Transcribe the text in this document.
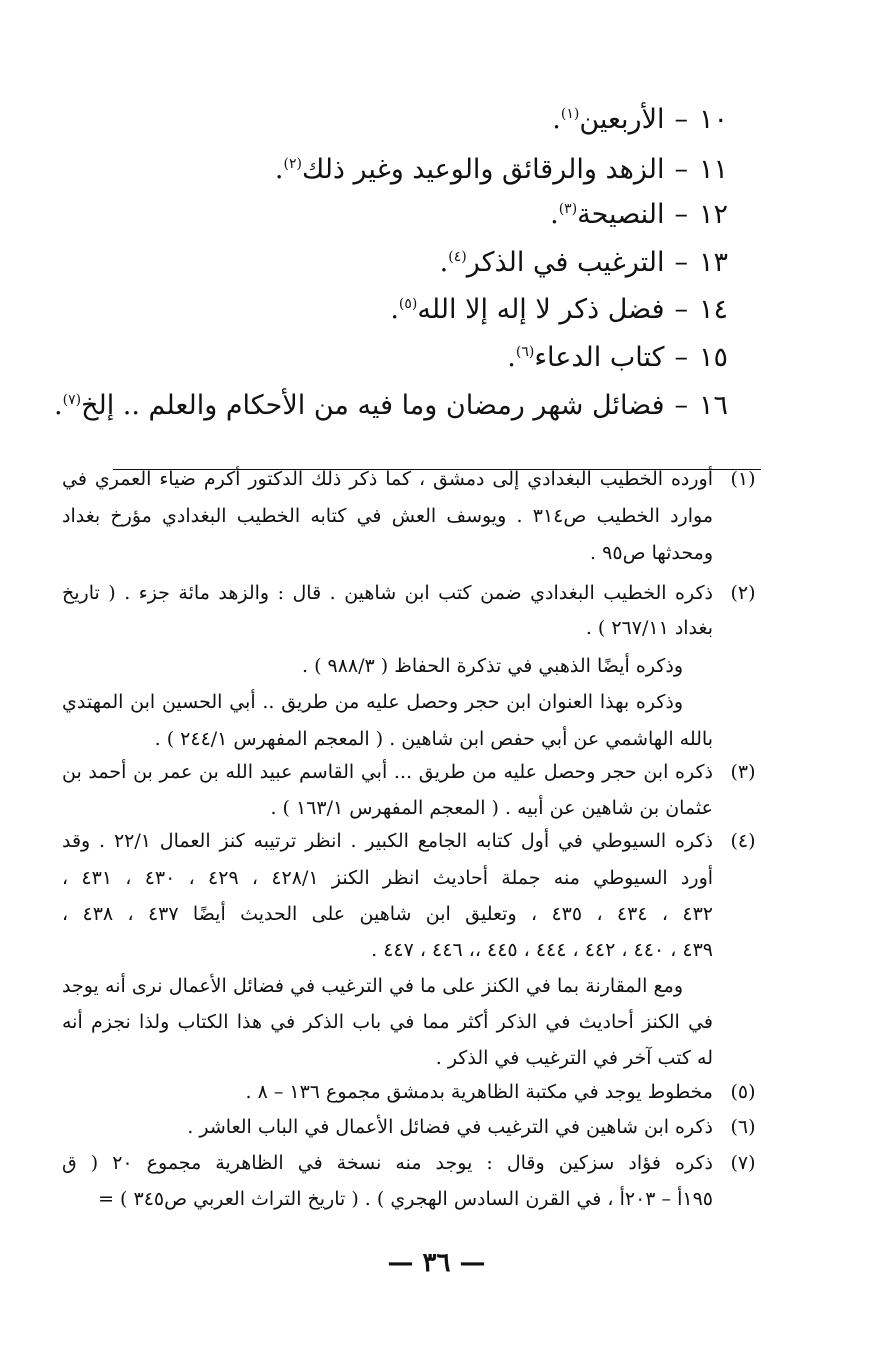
١٠–الأربعين$^{(١)}$.
١١–الزهد والرقائق والوعيد وغير ذلك$^{(٢)}$.
١٢–النصيحة$^{(٣)}$.
١٣–الترغيب في الذكر$^{(٤)}$.
١٤–فضل ذكر لا إله إلا الله$^{(٥)}$.
١٥–كتاب الدعاء$^{(٦)}$.
١٦–فضائل شهر رمضان وما فيه من الأحكام والعلم .. إلخ$^{(٧)}$.
(١)
أورده الخطيب البغدادي إلى دمشق ، كما ذكر ذلك الدكتور أكرم ضياء العمري في
موارد الخطيب ص٣١٤ . ويوسف العش في كتابه الخطيب البغدادي مؤرخ بغداد
ومحدثها ص٩٥ .
(٢)
ذكره الخطيب البغدادي ضمن كتب ابن شاهين . قال : والزهد مائة جزء . ( تاريخ
بغداد ٢٦٧/١١ ) .
وذكره أيضًا الذهبي في تذكرة الحفاظ ( ٩٨٨/٣ ) .
وذكره بهذا العنوان ابن حجر وحصل عليه من طريق .. أبي الحسين ابن المهتدي
بالله الهاشمي عن أبي حفص ابن شاهين . ( المعجم المفهرس ٢٤٤/١ ) .
(٣)
ذكره ابن حجر وحصل عليه من طريق ... أبي القاسم عبيد الله بن عمر بن أحمد بن
عثمان بن شاهين عن أبيه . ( المعجم المفهرس ١٦٣/١ ) .
(٤)
ذكره السيوطي في أول كتابه الجامع الكبير . انظر ترتيبه كنز العمال ٢٢/١ . وقد
أورد السيوطي منه جملة أحاديث انظر الكنز ٤٢٨/١ ، ٤٢٩ ، ٤٣٠ ، ٤٣١ ،
٤٣٢ ، ٤٣٤ ، ٤٣٥ ، وتعليق ابن شاهين على الحديث أيضًا ٤٣٧ ، ٤٣٨ ،
٤٣٩ ، ٤٤٠ ، ٤٤٢ ، ٤٤٤ ، ٤٤٥ ،، ٤٤٦ ، ٤٤٧ .
ومع المقارنة بما في الكنز على ما في الترغيب في فضائل الأعمال نرى أنه يوجد
في الكنز أحاديث في الذكر أكثر مما في باب الذكر في هذا الكتاب ولذا نجزم أنه
له كتب آخر في الترغيب في الذكر .
(٥)
مخطوط يوجد في مكتبة الظاهرية بدمشق مجموع ١٣٦ – ٨ .
(٦)
ذكره ابن شاهين في الترغيب في فضائل الأعمال في الباب العاشر .
(٧)
ذكره فؤاد سزكين وقال : يوجد منه نسخة في الظاهرية مجموع ٢٠ ( ق
١٩٥أ – ٢٠٣أ ، في القرن السادس الهجري ) . ( تاريخ التراث العربي ص٣٤٥ ) =
— ٣٦ —
